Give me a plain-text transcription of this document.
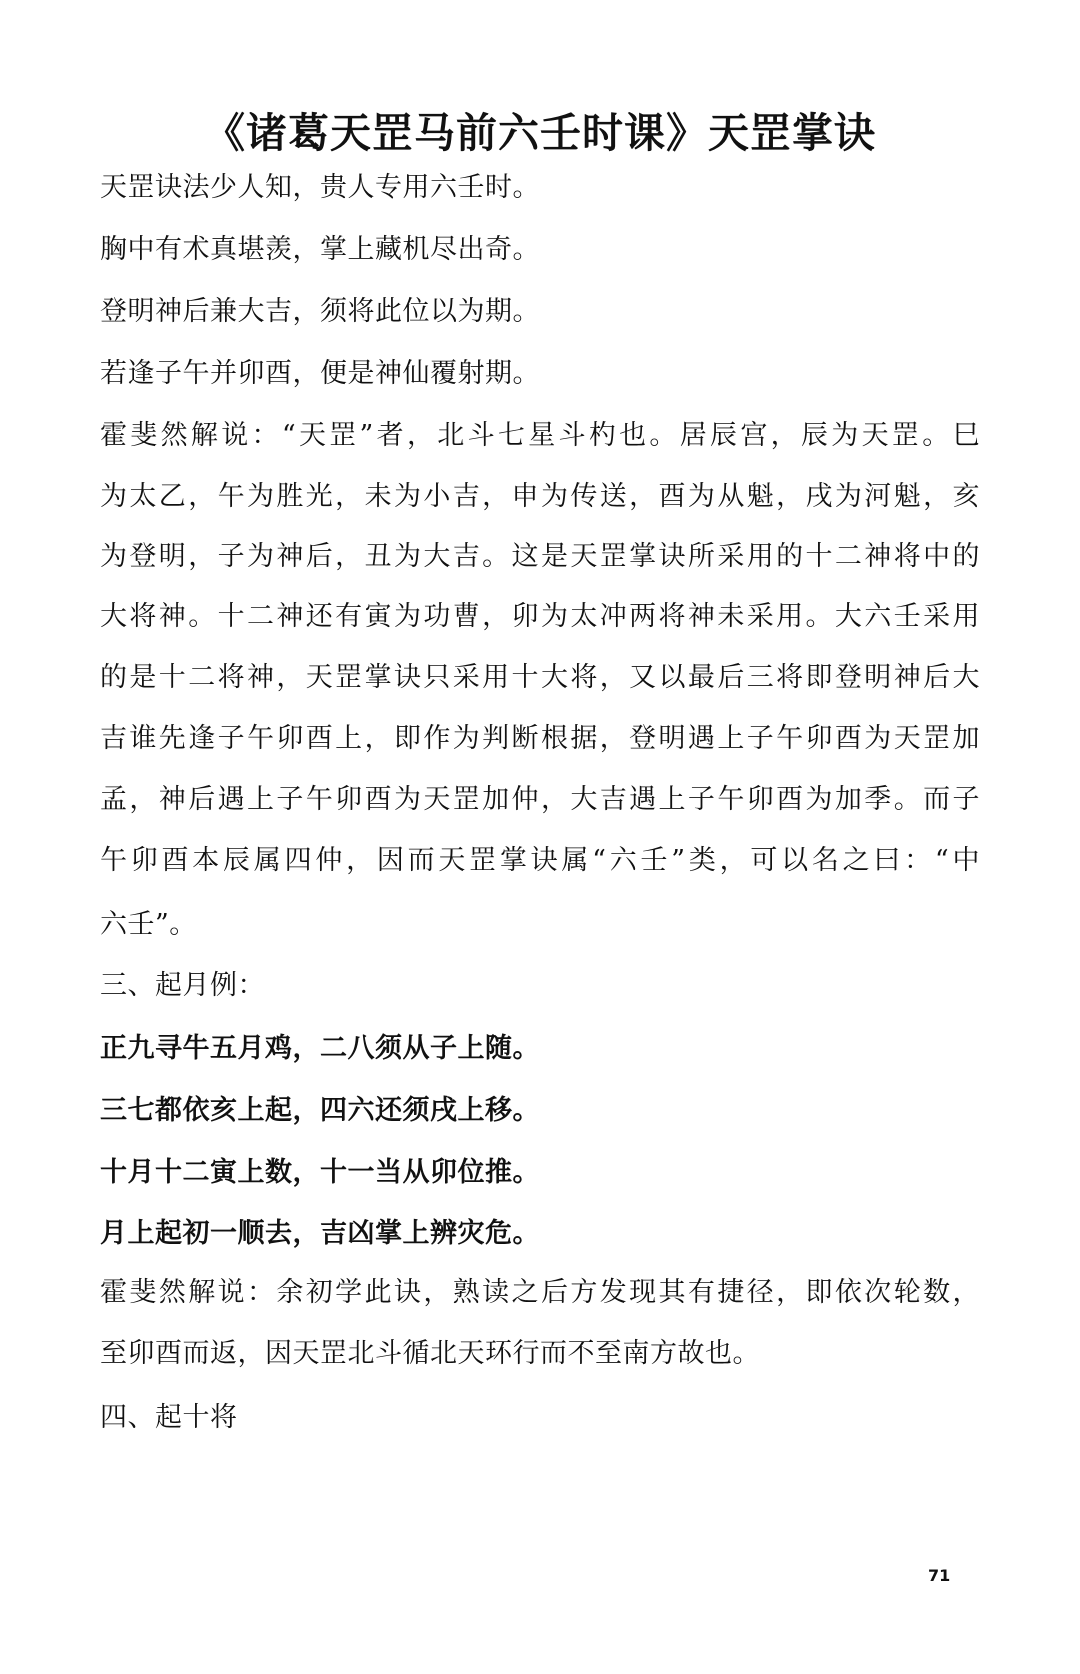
《诸葛天罡马前六壬时课》天罡掌诀
天罡诀法少人知，贵人专用六壬时。
胸中有术真堪羡，掌上藏机尽出奇。
登明神后兼大吉，须将此位以为期。
若逢子午并卯酉，便是神仙覆射期。
霍斐然解说：“天罡”者，北斗七星斗杓也。居辰宫，辰为天罡。巳
为太乙，午为胜光，未为小吉，申为传送，酉为从魁，戌为河魁，亥
为登明，子为神后，丑为大吉。这是天罡掌诀所采用的十二神将中的
大将神。十二神还有寅为功曹，卯为太冲两将神未采用。大六壬采用
的是十二将神，天罡掌诀只采用十大将，又以最后三将即登明神后大
吉谁先逢子午卯酉上，即作为判断根据，登明遇上子午卯酉为天罡加
孟，神后遇上子午卯酉为天罡加仲，大吉遇上子午卯酉为加季。而子
午卯酉本辰属四仲，因而天罡掌诀属“六壬”类，可以名之曰：“中
六壬”。
三、起月例：
正九寻牛五月鸡，二八须从子上随。
三七都依亥上起，四六还须戌上移。
十月十二寅上数，十一当从卯位推。
月上起初一顺去，吉凶掌上辨灾危。
霍斐然解说：余初学此诀，熟读之后方发现其有捷径，即依次轮数，
至卯酉而返，因天罡北斗循北天环行而不至南方故也。
四、起十将
71
